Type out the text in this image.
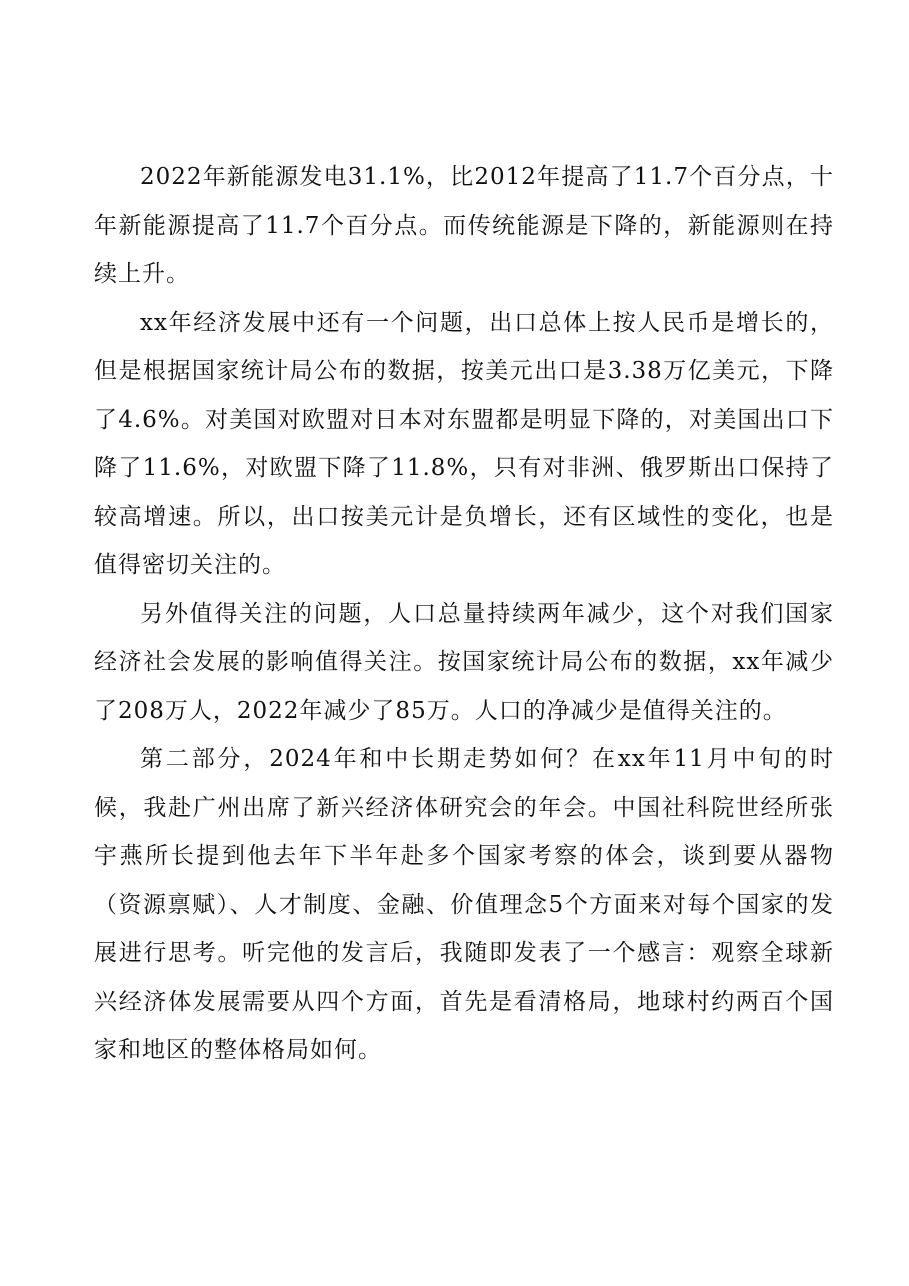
2022年新能源发电31.1%，比2012年提高了11.7个百分点，十年新能源提高了11.7个百分点。而传统能源是下降的，新能源则在持续上升。

xx年经济发展中还有一个问题，出口总体上按人民币是增长的，但是根据国家统计局公布的数据，按美元出口是3.38万亿美元，下降了4.6%。对美国对欧盟对日本对东盟都是明显下降的，对美国出口下降了11.6%，对欧盟下降了11.8%，只有对非洲、俄罗斯出口保持了较高增速。所以，出口按美元计是负增长，还有区域性的变化，也是值得密切关注的。

另外值得关注的问题，人口总量持续两年减少，这个对我们国家经济社会发展的影响值得关注。按国家统计局公布的数据，xx年减少了208万人，2022年减少了85万。人口的净减少是值得关注的。

第二部分，2024年和中长期走势如何？在xx年11月中旬的时候，我赴广州出席了新兴经济体研究会的年会。中国社科院世经所张宇燕所长提到他去年下半年赴多个国家考察的体会，谈到要从器物（资源禀赋）、人才制度、金融、价值理念5个方面来对每个国家的发展进行思考。听完他的发言后，我随即发表了一个感言：观察全球新兴经济体发展需要从四个方面，首先是看清格局，地球村约两百个国家和地区的整体格局如何。
